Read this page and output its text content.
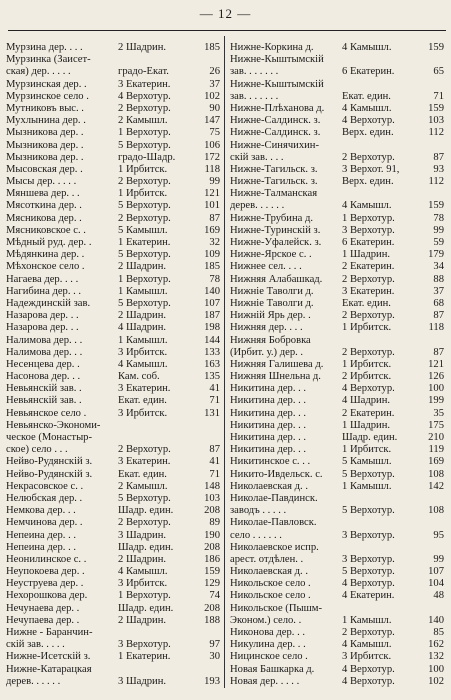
— 12 —
Мурзина дер. . . .	2 Шадрин.	185
Мурзинка (Заисет-
ская) дер. . . . .	градо-Екат.	26
Мурзинская дер. .	3 Екатерин.	37
Мурзинское село .	4 Верхотур.	102
Мутниковъ выс. .	2 Верхотур.	90
Мухлынина дер. .	2 Камышл.	147
Мызникова дер. .	1 Верхотур.	75
Мызникова дер. .	5 Верхотур.	106
Мызникова дер. .	градо-Шадр.	172
Мысовская дер. .	1 Ирбитск.	118
Мысы дер. . . . .	2 Верхотур.	99
Мяншева дер. . .	1 Ирбитск.	121
Мясоткина дер. .	5 Верхотур.	101
Мясникова дер. .	2 Верхотур.	87
Мясниковское с. .	5 Камышл.	169
Мѣдный руд. дер. .	1 Екатерин.	32
Мѣдянкина дер. .	5 Верхотур.	109
Мѣхонское село .	2 Шадрин.	185
Нагаева дер. . . .	1 Верхотур.	78
Нагибина дер. . .	1 Камышл.	140
Надеждинскій зав.	5 Верхотур.	107
Назарова дер. . .	2 Шадрин.	187
Назарова дер. . .	4 Шадрин.	198
Налимова дер. . .	1 Камышл.	144
Налимова дер. . .	3 Ирбитск.	133
Несенцева дер. .	4 Камышл.	163
Насонова дер. . .	Кам. соб.	135
Невьянскій зав. .	3 Екатерин.	41
Невьянскій зав. .	Екат. един.	71
Невьянское село .	3 Ирбитск.	131
Невьянско-Экономи-
ческое (Монастыр-
ское) село . . .	2 Верхотур.	87
Нейво-Рудянскій з.	3 Екатерин.	41
Нейво-Рудянскій з.	Екат. един.	71
Некрасовское с. .	2 Камышл.	148
Нелюбская дер. .	5 Верхотур.	103
Немкова дер. . .	Шадр. един.	208
Немчинова дер. .	2 Верхотур.	89
Непеина дер. . .	3 Шадрин.	190
Непеина дер. . .	Шадр. един.	208
Неонилинское с. .	2 Шадрин.	186
Неупокоева дер. .	4 Камышл.	159
Неуструева дер. .	3 Ирбитск.	129
Нехорошкова дер.	1 Верхотур.	74
Нечунаева дер. .	Шадр. един.	208
Нечупаева дер. .	2 Шадрин.	188
Нижне - Баранчин-
скій зав. . . . .	3 Верхотур.	97
Нижне-Исетскій з.	1 Екатерин.	30
Нижне-Катарацкая
дерев. . . . . .	3 Шадрин.	193
Нижне-Коркина д.	4 Камышл.	159
Нижне-Кыштымскій
зав. . . . . . .	6 Екатерин.	65
Нижне-Кыштымскій
зав. . . . . . .	Екат. един.	71
Нижне-Плѣханова д.	4 Камышл.	159
Нижне-Салдинск. з.	4 Верхотур.	103
Нижне-Салдинск. з.	Верх. един.	112
Нижне-Синячихин-
скій зав. . . .	2 Верхотур.	87
Нижне-Тагильск. з.	3 Верхот. 91,	93
Нижне-Тагильск. з.	Верх. един.	112
Нижне-Талманская
дерев. . . . . .	4 Камышл.	159
Нижне-Трубина д.	1 Верхотур.	78
Нижне-Туринскій з.	3 Верхотур.	99
Нижне-Уфалейск. з.	6 Екатерин.	59
Нижне-Ярское с. .	1 Шадрин.	179
Нижнее сел. . . .	2 Екатерин.	34
Нижняя Алабашкад.	2 Верхотур.	88
Нижніе Таволги д.	3 Екатерин.	37
Нижніе Таволги д.	Екат. един.	68
Нижній Ярь дер. .	2 Верхотур.	87
Нижняя дер. . . .	1 Ирбитск.	118
Нижняя Бобровка
(Ирбит. у.) дер. .	2 Верхотур.	87
Нижняя Галишева д.	1 Ирбитск.	121
Нижняя Шнельна д.	2 Ирбитск.	126
Никитина дер. . .	4 Верхотур.	100
Никитина дер. . .	4 Шадрин.	199
Никитина дер. . .	2 Екатерин.	35
Никитина дер. . .	1 Шадрин.	175
Никитина дер. . .	Шадр. един.	210
Никитина дер. . .	1 Ирбитск.	119
Никитинское с. . .	5 Камышл.	169
Никито-Ивдельск. с.	5 Верхотур.	108
Николаевская д. .	1 Камышл.	142
Николае-Павдинск.
заводъ . . . . .	5 Верхотур.	108
Николае-Павловск.
село . . . . . .	3 Верхотур.	95
Николаевское испр.
арест. отдѣлен. .	3 Верхотур.	99
Николаевская д. .	5 Верхотур.	107
Никольское село .	4 Верхотур.	104
Никольское село .	4 Екатерин.	48
Никольское (Пышм-
Эконом.) село. .	1 Камышл.	140
Никонова дер. . .	2 Верхотур.	85
Никулина дер. . .	4 Камышл.	162
Ницинское село .	3 Ирбитск.	132
Новая Башкарка д.	4 Верхотур.	100
Новая дер. . . . .	4 Верхотур.	102
